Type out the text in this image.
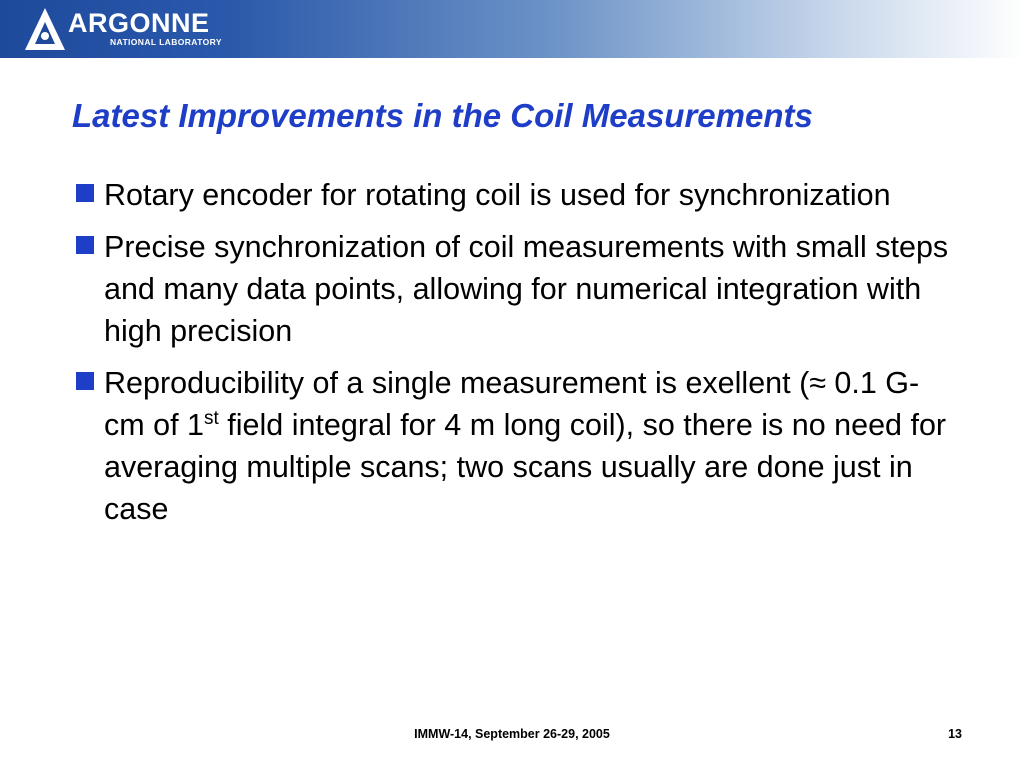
ARGONNE
NATIONAL LABORATORY
Latest Improvements in the Coil Measurements
Rotary encoder for rotating coil is used for synchronization
Precise synchronization of coil measurements with small steps and many data points, allowing for numerical integration with high precision
Reproducibility of a single measurement is exellent (≈ 0.1 G-cm of 1st field integral for 4 m long coil), so there is no need for averaging multiple scans; two scans usually are done just in case
IMMW-14, September 26-29, 2005	13
